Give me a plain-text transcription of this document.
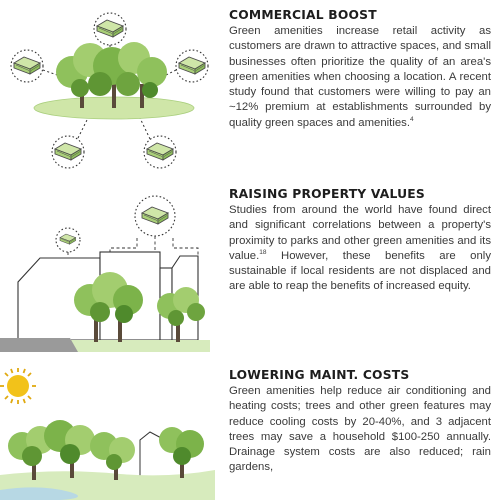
COMMERCIAL BOOST

Green amenities increase retail activity as customers are drawn to attractive spaces, and small businesses often prioritize the quality of an area's green amenities when choosing a location. A recent study found that customers were willing to pay an ~12% premium at establishments surrounded by quality green spaces and amenities.$^4$

RAISING PROPERTY VALUES

Studies from around the world have found direct and significant correlations between a property's proximity to parks and other green amenities and its value.$^{18}$ However, these benefits are only sustainable if local residents are not displaced and are able to reap the benefits of increased equity.

LOWERING MAINT. COSTS

Green amenities help reduce air conditioning and heating costs; trees and other green features may reduce cooling costs by 20-40%, and 3 adjacent trees may save a household $100-250 annually. Drainage system costs are also reduced; rain gardens,
